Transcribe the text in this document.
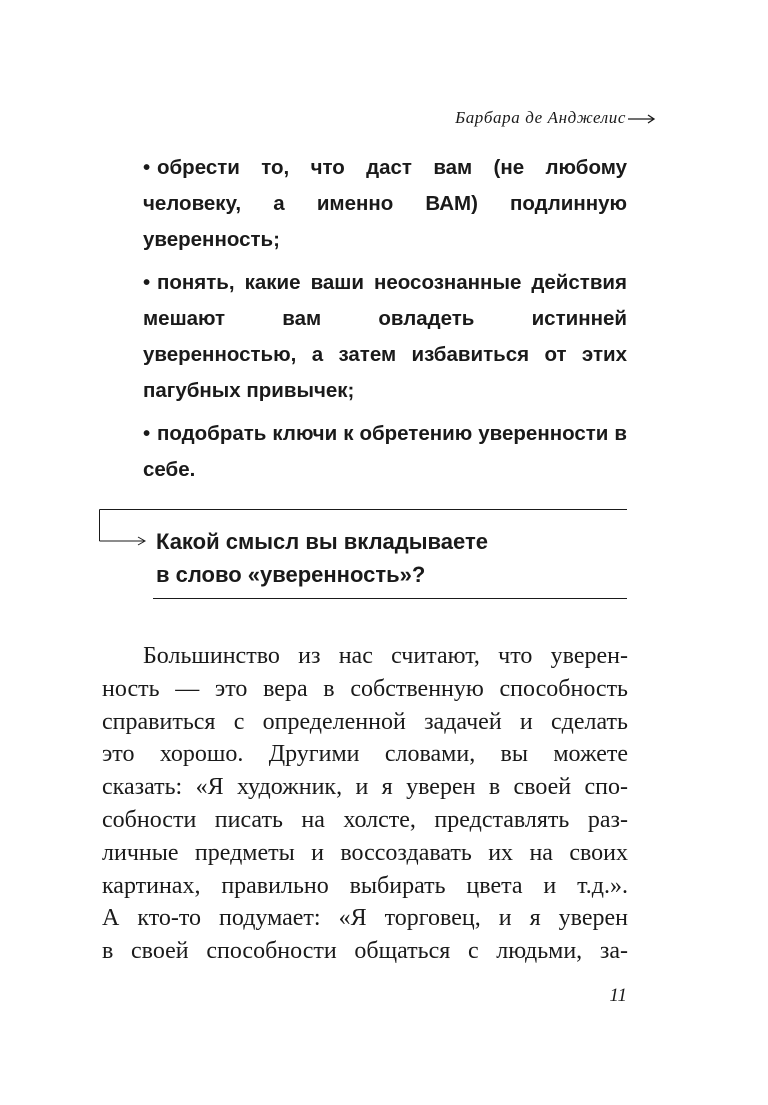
Барбара де Анджелис

• обрести то, что даст вам (не любому человеку, а именно ВАМ) подлинную уверенность;

• понять, какие ваши неосознанные действия мешают вам овладеть истинней уверенностью, а затем избавиться от этих пагубных привычек;

• подобрать ключи к обретению уверенности в себе.

Какой смысл вы вкладываете
в слово «уверенность»?
Большинство из нас считают, что уверен-
ность — это вера в собственную способность
справиться с определенной задачей и сделать
это хорошо. Другими словами, вы можете
сказать: «Я художник, и я уверен в своей спо-
собности писать на холсте, представлять раз-
личные предметы и воссоздавать их на своих
картинах, правильно выбирать цвета и т.д.».
А кто-то подумает: «Я торговец, и я уверен
в своей способности общаться с людьми, за-
11
